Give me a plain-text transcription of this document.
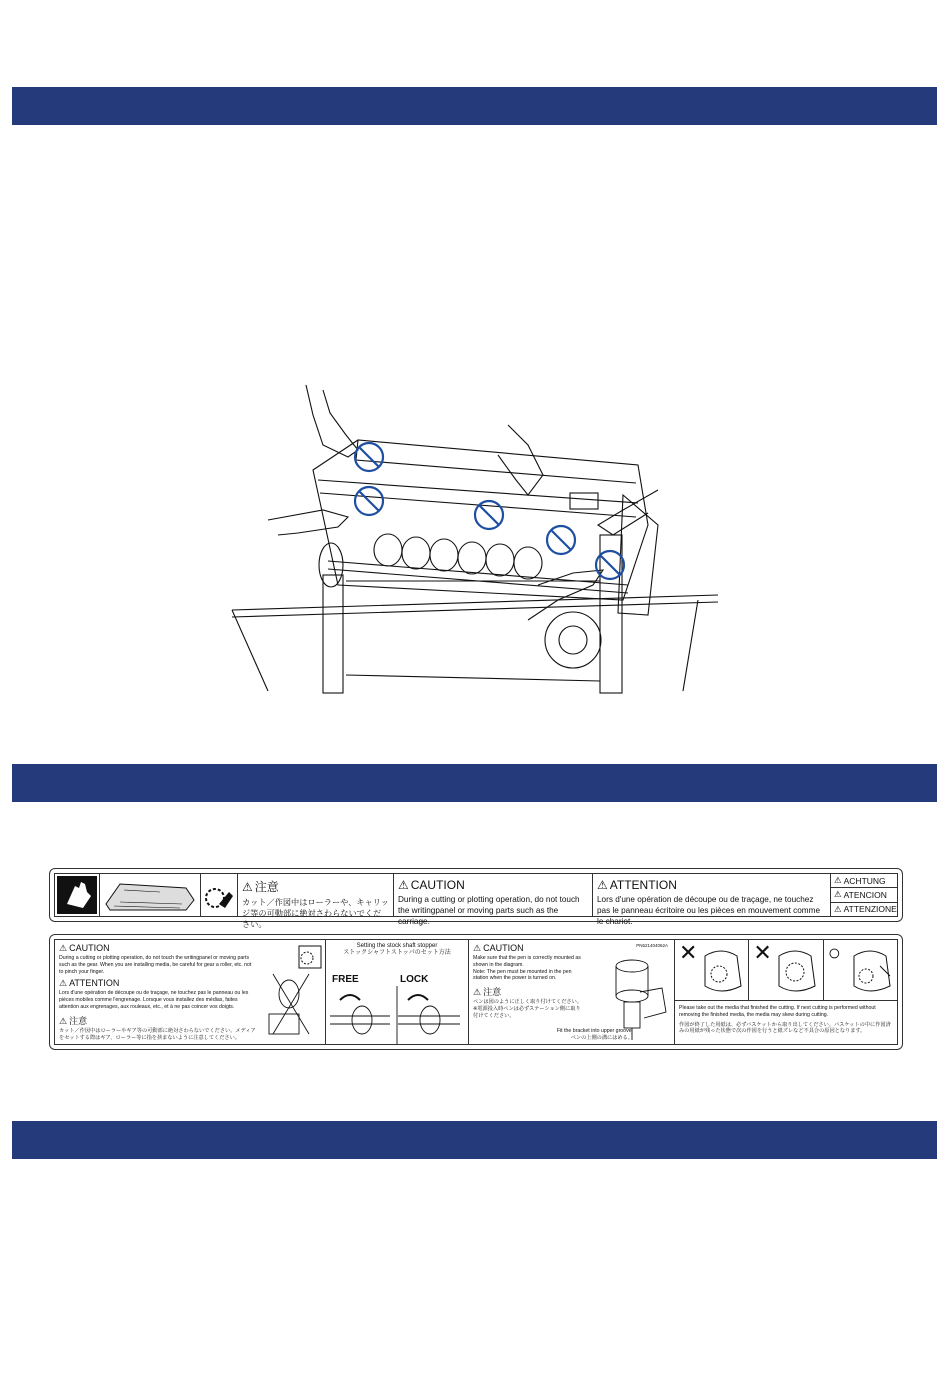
⚠ 注意
カット／作図中はローラーや、キャリッジ等の可動部に絶対さわらないでください。
⚠ CAUTION
During a cutting or plotting operation, do not touch the writingpanel or moving parts such as the carriage.
⚠ ATTENTION
Lors d'une opération de découpe ou de traçage, ne touchez pas le panneau écritoire ou les pièces en mouvement comme le chariot.
⚠ ACHTUNG
⚠ ATENCION
⚠ ATTENZIONE
⚠ CAUTION
During a cutting or plotting operation, do not touch the writingpanel or moving parts such as the gear. When you are installing media, be careful for gear a roller, etc. not to pinch your finger.
⚠ ATTENTION
Lors d'une opération de découpe ou de traçage, ne touchez pas le panneau ou les pièces mobiles comme l'engrenage. Lorsque vous installez des médias, faites attention aux engrenages, aux rouleaux, etc., et à ne pas coincer vos doigts.
⚠ 注意
カット／作図中はローラーやギア等の可動部に絶対さわらないでください。メディアをセットする際はギア、ローラー等に指を挟まないように注意してください。
Setting the stock shaft stopper
ストックシャフトストッパのセット方法
FREE	LOCK
⚠ CAUTION
Make sure that the pen is correctly mounted as shown in the diagram.
Note: The pen must be mounted in the pen station when the power is turned on.
⚠ 注意
ペンは図のように正しく取り付けてください。
※電源投入時ペンは必ずステーション側に取り付けてください。
Fit the bracket into upper groove.
ペンの上側の溝にはめる。
PN621404062A ✕	✕	○
Please take out the media that finished the cutting. If next cutting is performed without removing the finished media, the media may skew during cutting.
作図が終了した用紙は、必ずバスケットから取り出してください。バスケットの中に作図済みの用紙が残った状態で次の作図を行うと紙ズレなど不具合の原因となります。
